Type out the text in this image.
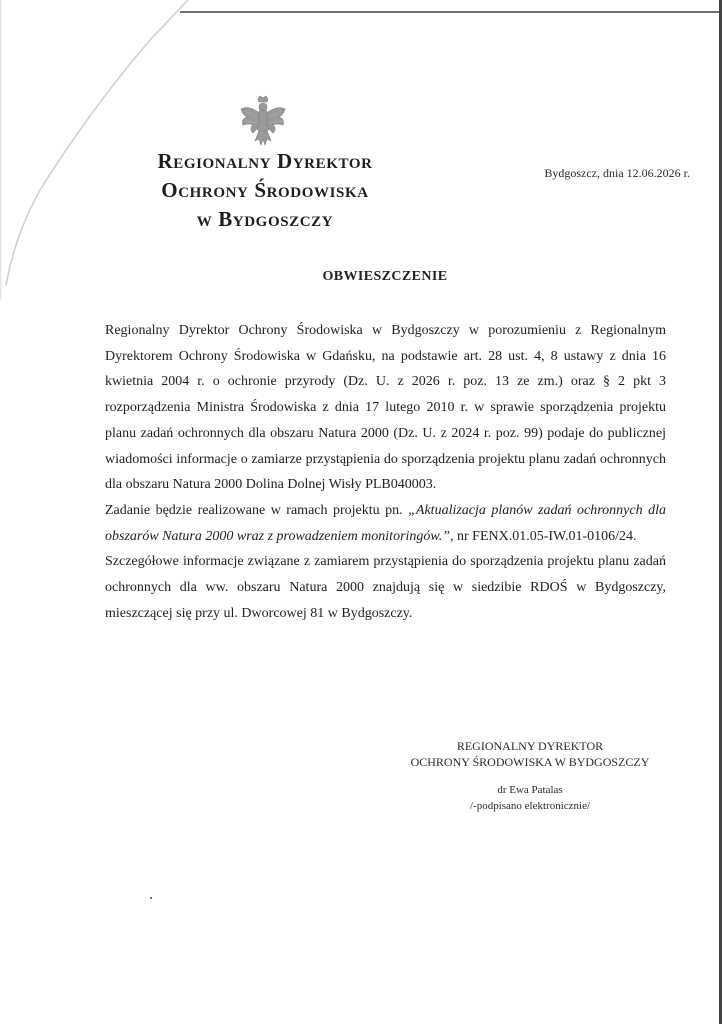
Regionalny Dyrektor
Ochrony Środowiska
w Bydgoszczy
Bydgoszcz, dnia 12.06.2026 r.
OBWIESZCZENIE

Regionalny Dyrektor Ochrony Środowiska w Bydgoszczy w porozumieniu z Regionalnym Dyrektorem Ochrony Środowiska w Gdańsku, na podstawie art. 28 ust. 4, 8 ustawy z dnia 16 kwietnia 2004 r. o ochronie przyrody (Dz. U. z 2026 r. poz. 13 ze zm.) oraz § 2 pkt 3 rozporządzenia Ministra Środowiska z dnia 17 lutego 2010 r. w sprawie sporządzenia projektu planu zadań ochronnych dla obszaru Natura 2000 (Dz. U. z 2024 r. poz. 99) podaje do publicznej wiadomości informacje o zamiarze przystąpienia do sporządzenia projektu planu zadań ochronnych dla obszaru Natura 2000 Dolina Dolnej Wisły PLB040003.

Zadanie będzie realizowane w ramach projektu pn. „Aktualizacja planów zadań ochronnych dla obszarów Natura 2000 wraz z prowadzeniem monitoringów.”, nr FENX.01.05-IW.01-0106/24.

Szczegółowe informacje związane z zamiarem przystąpienia do sporządzenia projektu planu zadań ochronnych dla ww. obszaru Natura 2000 znajdują się w siedzibie RDOŚ w Bydgoszczy, mieszczącej się przy ul. Dworcowej 81 w Bydgoszczy.

REGIONALNY DYREKTOR
OCHRONY ŚRODOWISKA W BYDGOSZCZY
dr Ewa Patalas
/-podpisano elektronicznie/
